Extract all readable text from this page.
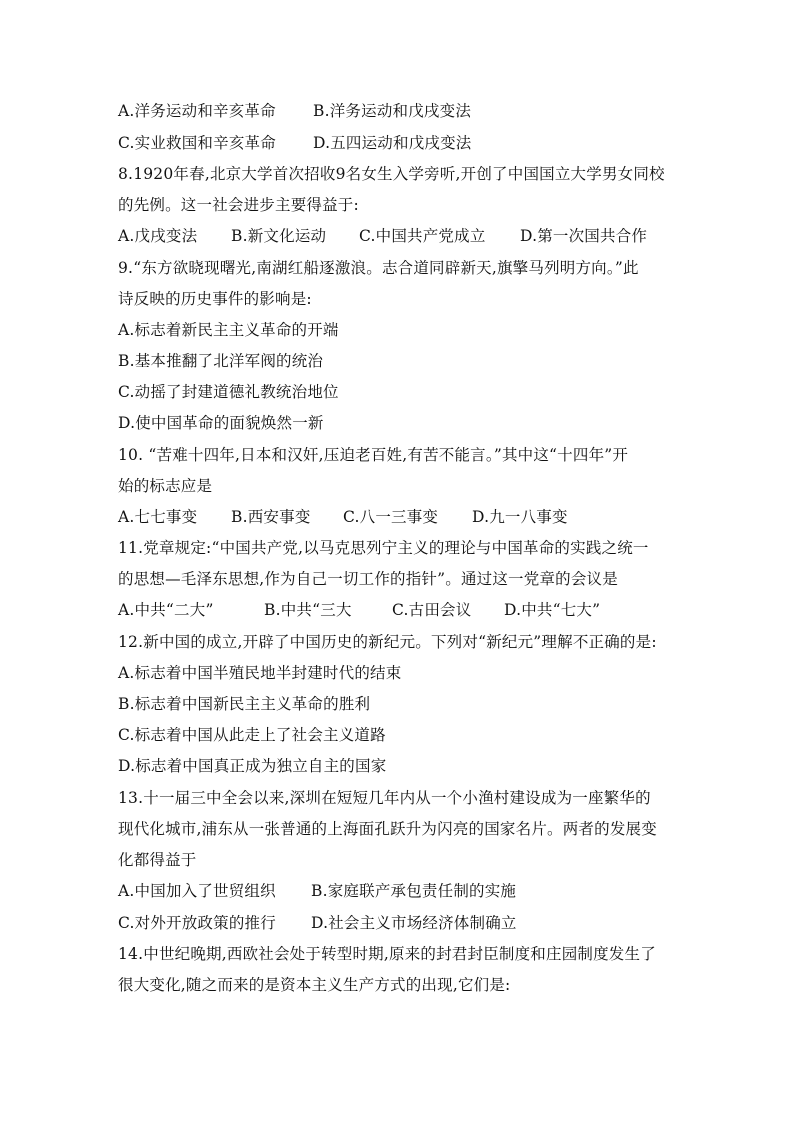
A.洋务运动和辛亥革命 B.洋务运动和戊戌变法
C.实业救国和辛亥革命 D.五四运动和戊戌变法
8.1920年春,北京大学首次招收9名女生入学旁听,开创了中国国立大学男女同校
的先例。这一社会进步主要得益于:
A.戊戌变法 B.新文化运动 C.中国共产党成立 D.第一次国共合作
9.“东方欲晓现曙光,南湖红船逐激浪。志合道同辟新天,旗擎马列明方向。”此
诗反映的历史事件的影响是:
A.标志着新民主主义革命的开端
B.基本推翻了北洋军阀的统治
C.动摇了封建道德礼教统治地位
D.使中国革命的面貌焕然一新
10. “苦难十四年,日本和汉奸,压迫老百姓,有苦不能言。”其中这“十四年”开
始的标志应是
A.七七事变 B.西安事变 C.八一三事变 D.九一八事变
11.党章规定:“中国共产党,以马克思列宁主义的理论与中国革命的实践之统一
的思想—毛泽东思想,作为自己一切工作的指针”。通过这一党章的会议是
A.中共“二大”	B.中共“三大	C.古田会议 D.中共“七大”
12.新中国的成立,开辟了中国历史的新纪元。下列对“新纪元”理解不正确的是:
A.标志着中国半殖民地半封建时代的结束
B.标志着中国新民主主义革命的胜利
C.标志着中国从此走上了社会主义道路
D.标志着中国真正成为独立自主的国家
13.十一届三中全会以来,深圳在短短几年内从一个小渔村建设成为一座繁华的
现代化城市,浦东从一张普通的上海面孔跃升为闪亮的国家名片。两者的发展变
化都得益于
A.中国加入了世贸组织 B.家庭联产承包责任制的实施
C.对外开放政策的推行 D.社会主义市场经济体制确立
14.中世纪晚期,西欧社会处于转型时期,原来的封君封臣制度和庄园制度发生了
很大变化,随之而来的是资本主义生产方式的出现,它们是:
